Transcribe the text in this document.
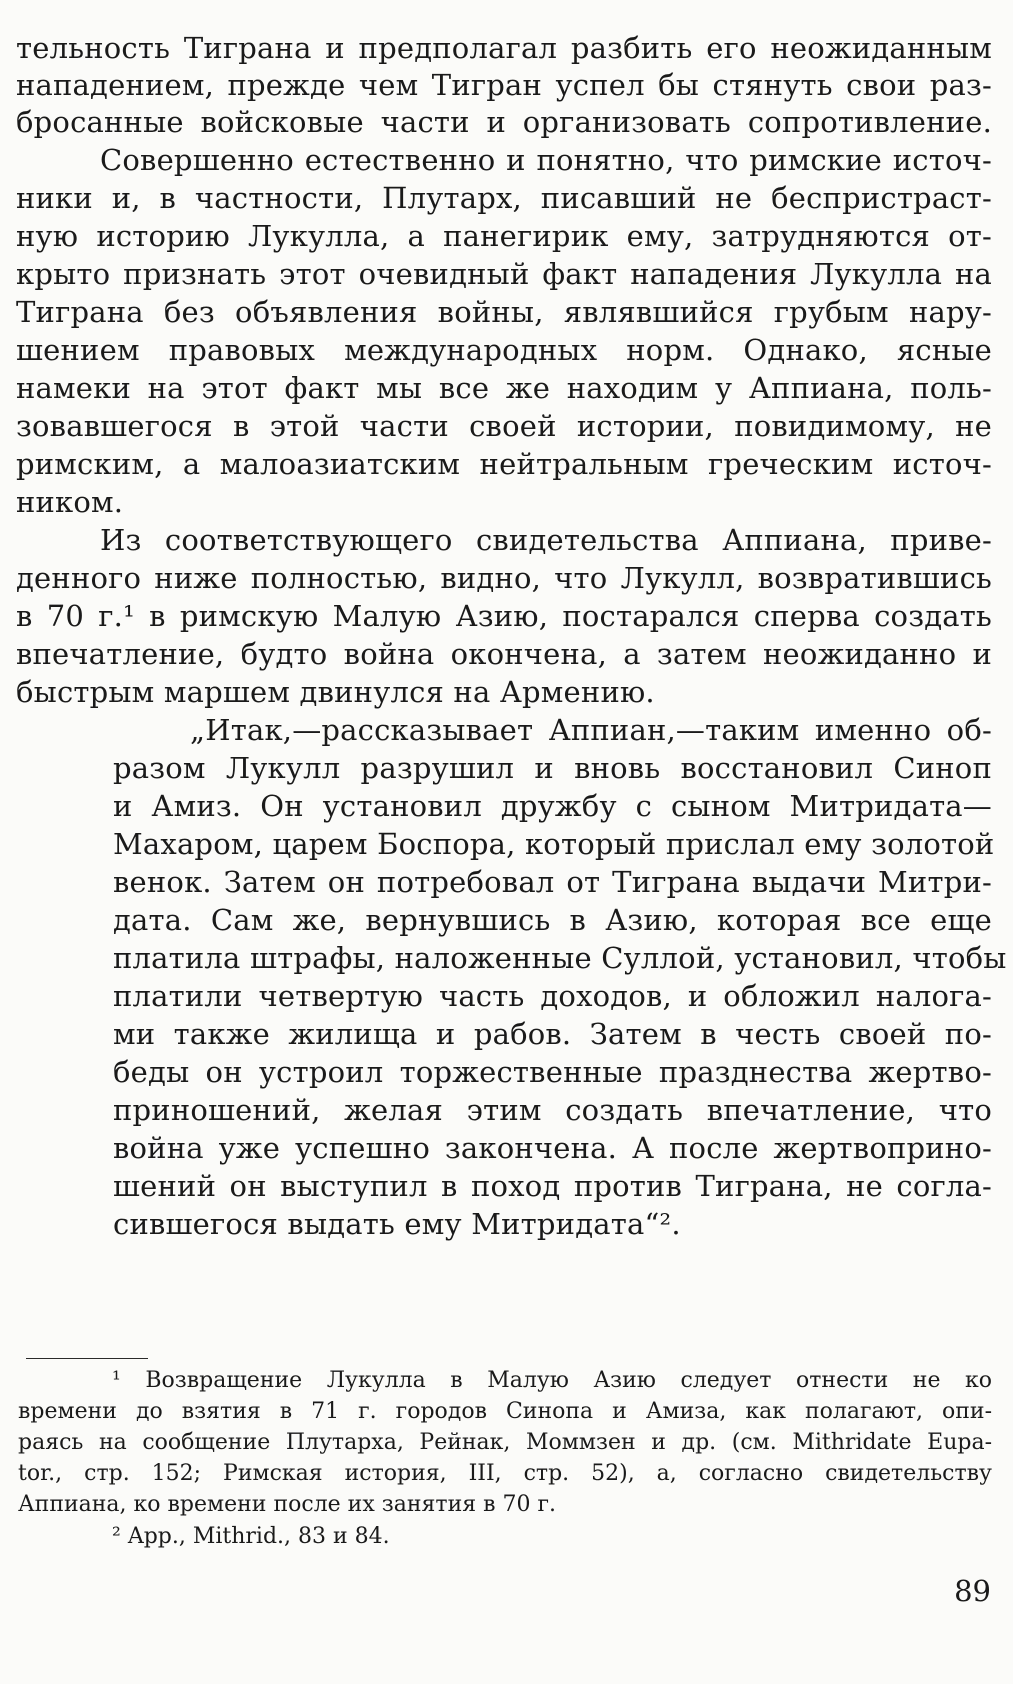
тельность Тиграна и предполагал разбить его неожиданным
нападением, прежде чем Тигран успел бы стянуть свои раз-
бросанные войсковые части и организовать сопротивление.
Совершенно естественно и понятно, что римские источ-
ники и, в частности, Плутарх, писавший не беспристраст-
ную историю Лукулла, а панегирик ему, затрудняются от-
крыто признать этот очевидный факт нападения Лукулла на
Тиграна без объявления войны, являвшийся грубым нару-
шением правовых международных норм. Однако, ясные
намеки на этот факт мы все же находим у Аппиана, поль-
зовавшегося в этой части своей истории, повидимому, не
римским, а малоазиатским нейтральным греческим источ-
ником.
Из соответствующего свидетельства Аппиана, приве-
денного ниже полностью, видно, что Лукулл, возвратившись
в 70 г.¹ в римскую Малую Азию, постарался сперва создать
впечатление, будто война окончена, а затем неожиданно и
быстрым маршем двинулся на Армению.
„Итак,—рассказывает Аппиан,—таким именно об-
разом Лукулл разрушил и вновь восстановил Синоп
и Амиз. Он установил дружбу с сыном Митридата—
Махаром, царем Боспора, который прислал ему золотой
венок. Затем он потребовал от Тиграна выдачи Митри-
дата. Сам же, вернувшись в Азию, которая все еще
платила штрафы, наложенные Суллой, установил, чтобы
платили четвертую часть доходов, и обложил налога-
ми также жилища и рабов. Затем в честь своей по-
беды он устроил торжественные празднества жертво-
приношений, желая этим создать впечатление, что
война уже успешно закончена. А после жертвоприно-
шений он выступил в поход против Тиграна, не согла-
сившегося выдать ему Митридата“².
¹ Возвращение Лукулла в Малую Азию следует отнести не ко
времени до взятия в 71 г. городов Синопа и Амиза, как полагают, опи-
раясь на сообщение Плутарха, Рейнак, Моммзен и др. (см. Mithridate Eupa-
tor., стр. 152; Римская история, III, стр. 52), а, согласно свидетельству
Аппиана, ко времени после их занятия в 70 г.
² App., Mithrid., 83 и 84.
89
